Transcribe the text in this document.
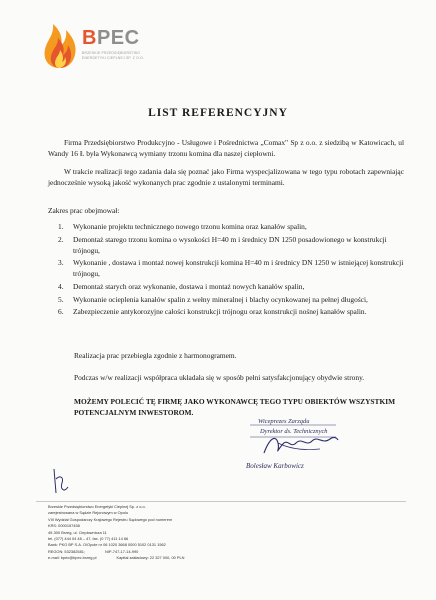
BPEC
BRZESKIE PRZEDSIĘBIORSTWO
ENERGETYKI CIEPLNEJ SP. Z O.O.
LIST REFERENCYJNY

Firma Przedsiębiorstwo Produkcyjno - Usługowe i Pośrednictwa „Comax" Sp z o.o. z siedzibą w Katowicach, ul Wandy 16 Ł była Wykonawcą wymiany trzonu komina dla naszej ciepłowni.

W trakcie realizacji tego zadania dała się poznać jako Firma wyspecjalizowana w tego typu robotach zapewniając jednocześnie wysoką jakość wykonanych prac zgodnie z ustalonymi terminami.

Zakres prac obejmował:

1. Wykonanie projektu technicznego nowego trzonu komina oraz kanałów spalin,
2. Demontaż starego trzonu komina o wysokości H=40 m i średnicy DN 1250 posadowionego w konstrukcji trójnogu,
3. Wykonanie , dostawa i montaż nowej konstrukcji komina H=40 m i średnicy DN 1250 w istniejącej konstrukcji trójnogu,
4. Demontaż starych oraz wykonanie, dostawa i montaż nowych kanałów spalin,
5. Wykonanie ocieplenia kanałów spalin z wełny mineralnej i blachy ocynkowanej na pełnej długości,
6. Zabezpieczenie antykorozyjne całości konstrukcji trójnogu oraz konstrukcji nośnej kanałów spalin.

Realizacja prac przebiegła zgodnie z harmonogramem.

Podczas w/w realizacji współpraca układała się w sposób pełni satysfakcjonujący obydwie strony.

MOŻEMY POLECIĆ TĘ FIRMĘ JAKO WYKONAWCĘ TEGO TYPU OBIEKTÓW WSZYSTKIM POTENCJALNYM INWESTOROM.

Wiceprezes Zarządu
Dyrektor ds. Technicznych
Bolesław Karbowicz
Brzeskie Przedsiębiorstwo Energetyki Cieplnej Sp. z o.o.
zarejestrowana w Sądzie Rejonowym w Opolu
VIII Wydział Gospodarczy Krajowego Rejestru Sądowego pod numerem
KRS: 0000157458
49-300 Brzeg, ul. Ciepłownicza 11
tel. (077) 444 04 48 – 47, fax. (0 77) 411 14 66
Bank: PKO BP S.A. O/Opole nr 06 1020 3668 0000 5102 0131 1562
REGON: 532382581;	NIP-747-17-14-990
e-mail: bpec@bpec.brzeg.pl	Kapitał zakładowy: 22 327 000, 00 PLN
